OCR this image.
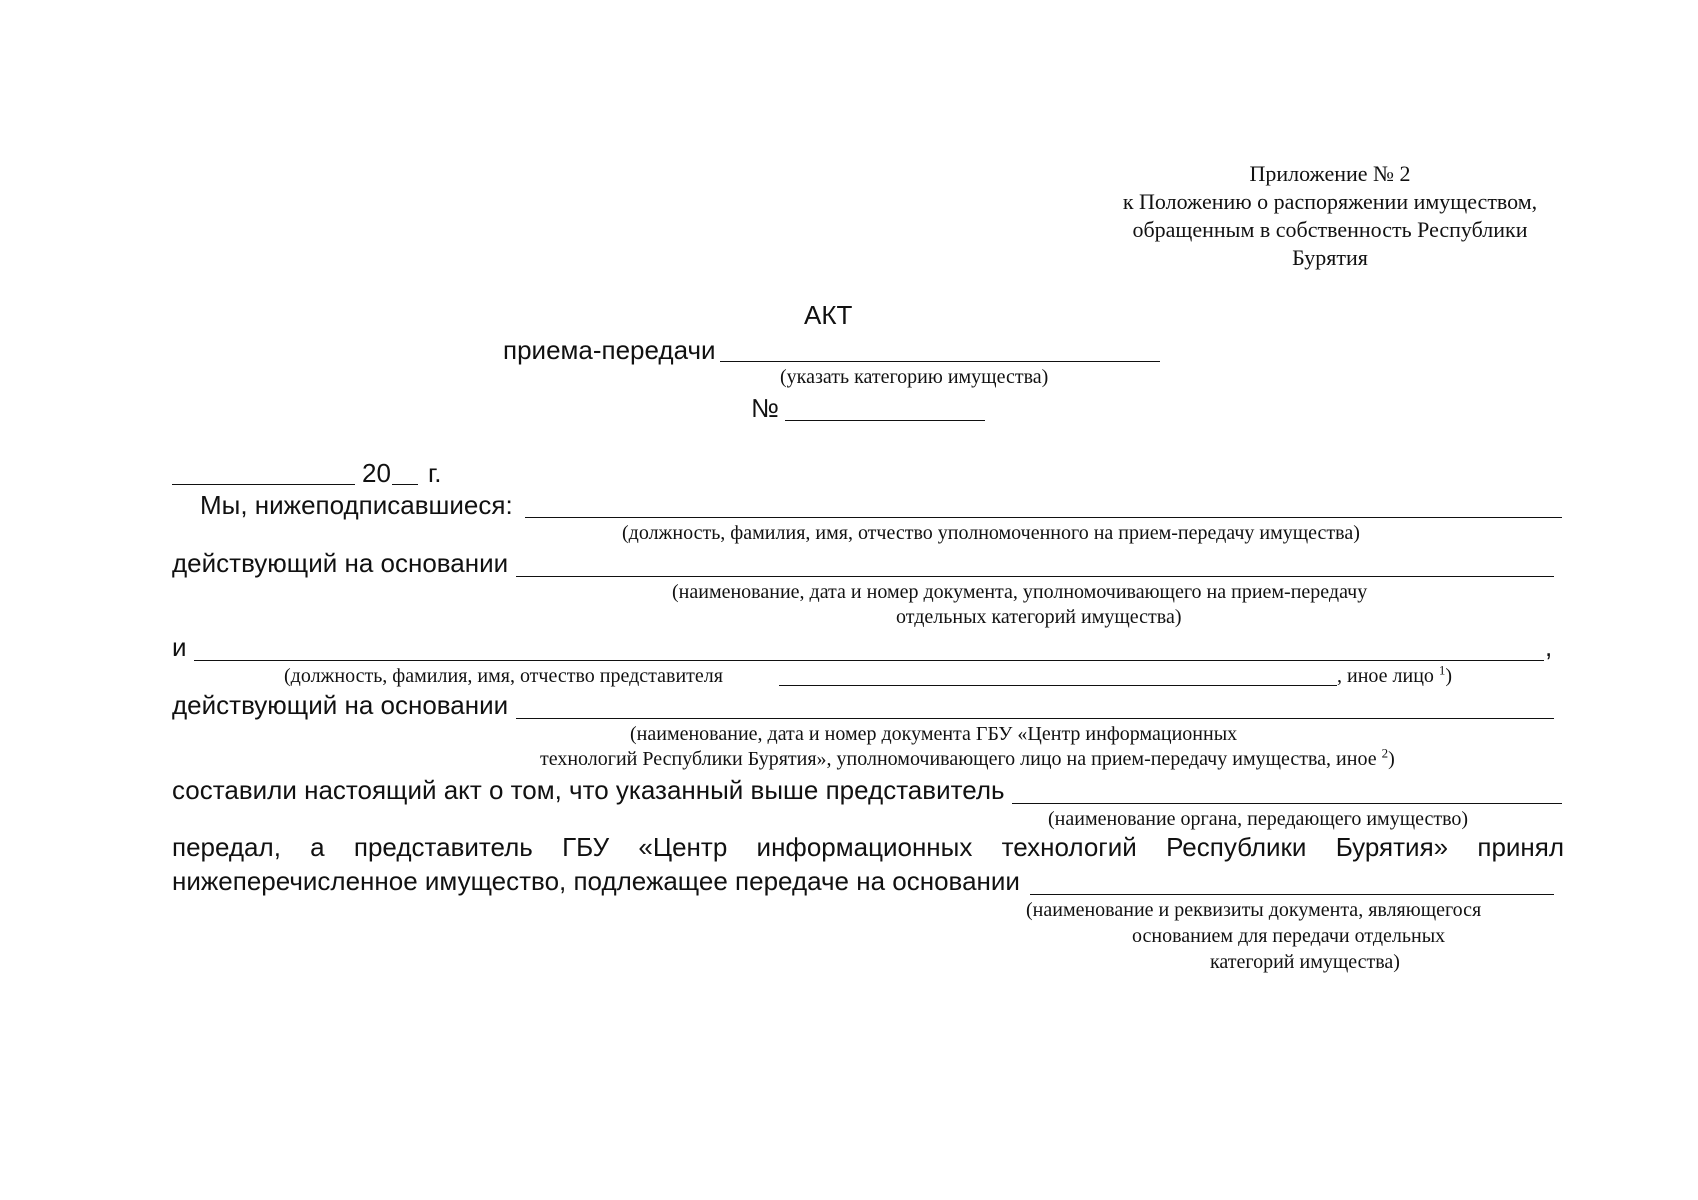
Приложение № 2
к Положению о распоряжении имуществом,
обращенным в собственность Республики
Бурятия
АКТ
приема-передачи
(указать категорию имущества)
№
20 г.
Мы, нижеподписавшиеся:
(должность, фамилия, имя, отчество уполномоченного на прием-передачу имущества)
действующий на основании
(наименование, дата и номер документа, уполномочивающего на прием-передачу
отдельных категорий имущества)
и	,
(должность, фамилия, имя, отчество представителя	, иное лицо $^1$)
действующий на основании
(наименование, дата и номер документа ГБУ «Центр информационных
технологий Республики Бурятия», уполномочивающего лицо на прием-передачу имущества, иное $^2$)
составили настоящий акт о том, что указанный выше представитель
(наименование органа, передающего имущество)
передал, а представитель ГБУ «Центр информационных технологий Республики Бурятия» принял
нижеперечисленное имущество, подлежащее передаче на основании
(наименование и реквизиты документа, являющегося
основанием для передачи отдельных
категорий имущества)
